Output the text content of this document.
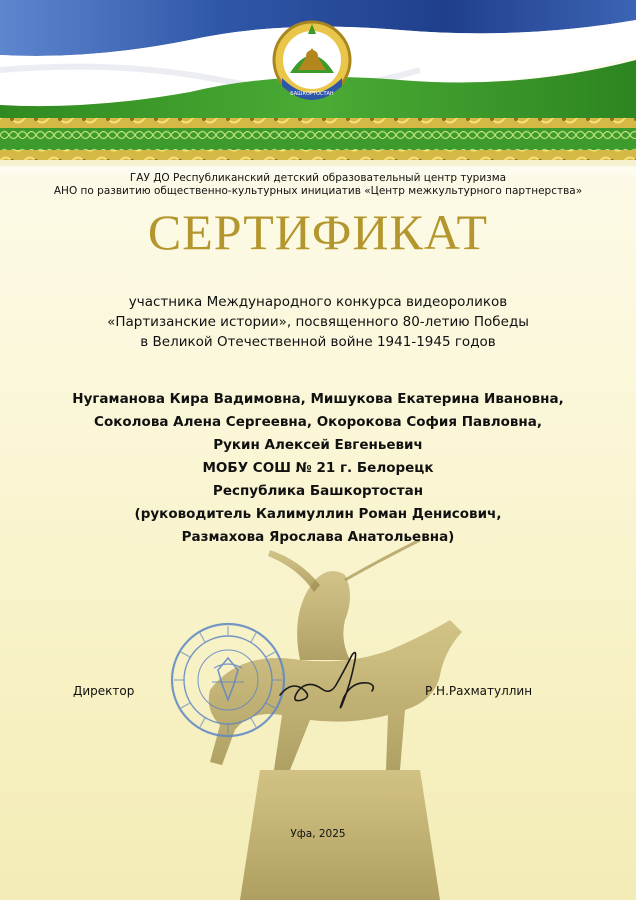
БАШКОРТОСТАН
ГАУ ДО Республиканский детский образовательный центр туризма
АНО по развитию общественно-культурных инициатив «Центр межкультурного партнерства»
СЕРТИФИКАТ
участника Международного конкурса видеороликов
«Партизанские истории», посвященного 80-летию Победы
в Великой Отечественной войне 1941-1945 годов
Нугаманова Кира Вадимовна, Мишукова Екатерина Ивановна,
Соколова Алена Сергеевна, Окорокова София Павловна,
Рукин Алексей Евгеньевич
МОБУ СОШ № 21 г. Белорецк
Республика Башкортостан
(руководитель Калимуллин Роман Денисович,
Размахова Ярослава Анатольевна)
Директор	Р.Н.Рахматуллин
Уфа, 2025
